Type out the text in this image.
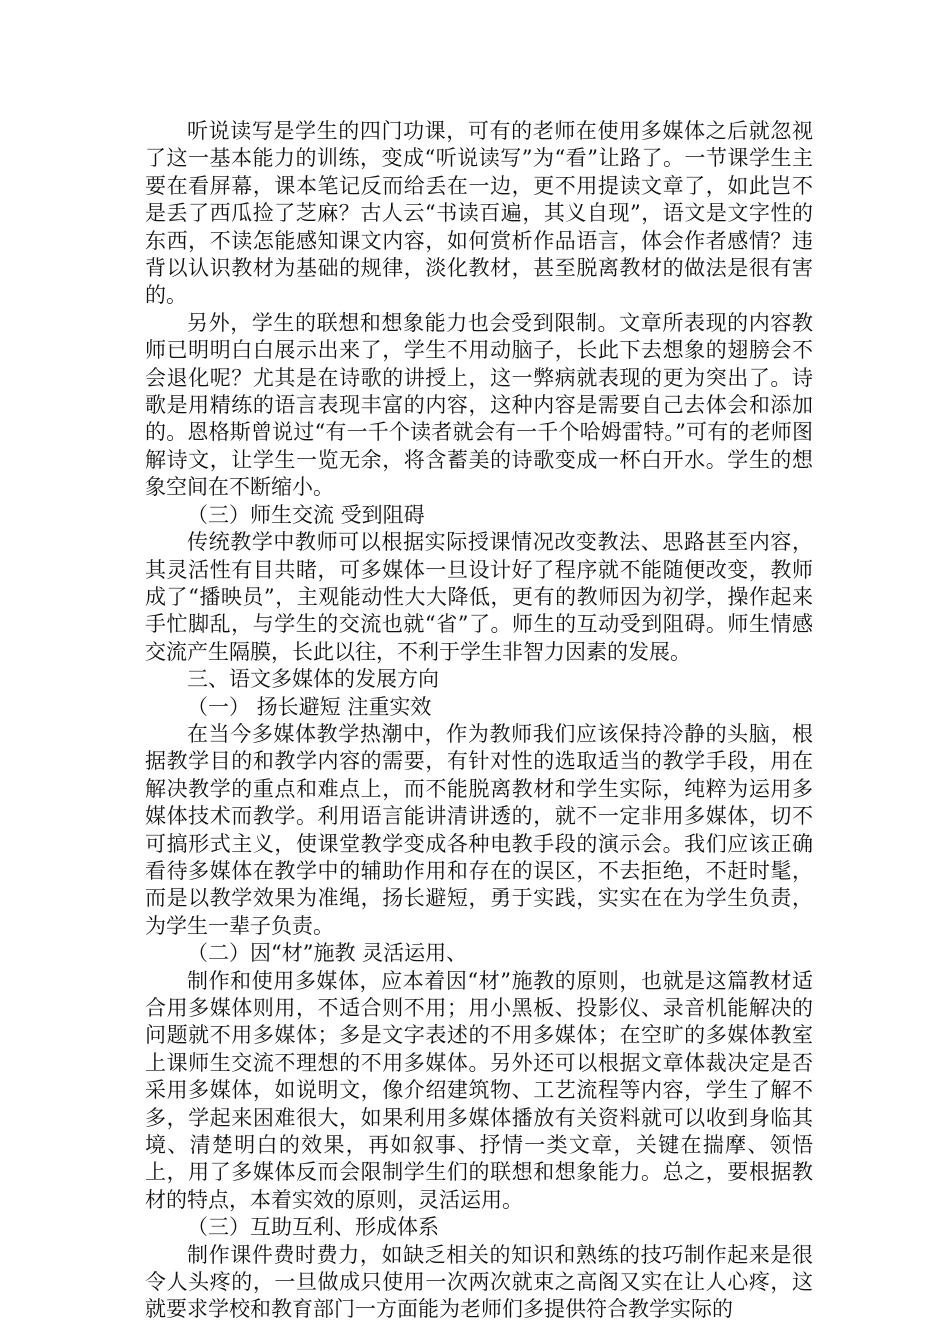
听说读写是学生的四门功课，可有的老师在使用多媒体之后就忽视了这一基本能力的训练，变成“听说读写”为“看”让路了。一节课学生主要在看屏幕，课本笔记反而给丢在一边，更不用提读文章了，如此岂不是丢了西瓜捡了芝麻？古人云“书读百遍，其义自现”，语文是文字性的东西，不读怎能感知课文内容，如何赏析作品语言，体会作者感情？违背以认识教材为基础的规律，淡化教材，甚至脱离教材的做法是很有害的。

另外，学生的联想和想象能力也会受到限制。文章所表现的内容教师已明明白白展示出来了，学生不用动脑子，长此下去想象的翅膀会不会退化呢？尤其是在诗歌的讲授上，这一弊病就表现的更为突出了。诗歌是用精练的语言表现丰富的内容，这种内容是需要自己去体会和添加的。恩格斯曾说过“有一千个读者就会有一千个哈姆雷特。”可有的老师图解诗文，让学生一览无余，将含蓄美的诗歌变成一杯白开水。学生的想象空间在不断缩小。

（三）师生交流 受到阻碍

传统教学中教师可以根据实际授课情况改变教法、思路甚至内容，其灵活性有目共睹，可多媒体一旦设计好了程序就不能随便改变，教师成了“播映员”，主观能动性大大降低，更有的教师因为初学，操作起来手忙脚乱，与学生的交流也就“省”了。师生的互动受到阻碍。师生情感交流产生隔膜，长此以往，不利于学生非智力因素的发展。

三、语文多媒体的发展方向

（一） 扬长避短 注重实效

在当今多媒体教学热潮中，作为教师我们应该保持冷静的头脑，根据教学目的和教学内容的需要，有针对性的选取适当的教学手段，用在解决教学的重点和难点上，而不能脱离教材和学生实际，纯粹为运用多媒体技术而教学。利用语言能讲清讲透的，就不一定非用多媒体，切不可搞形式主义，使课堂教学变成各种电教手段的演示会。我们应该正确看待多媒体在教学中的辅助作用和存在的误区，不去拒绝，不赶时髦，而是以教学效果为准绳，扬长避短，勇于实践，实实在在为学生负责，为学生一辈子负责。

（二）因“材”施教 灵活运用、

制作和使用多媒体，应本着因“材”施教的原则，也就是这篇教材适合用多媒体则用，不适合则不用；用小黑板、投影仪、录音机能解决的问题就不用多媒体；多是文字表述的不用多媒体；在空旷的多媒体教室上课师生交流不理想的不用多媒体。另外还可以根据文章体裁决定是否采用多媒体，如说明文，像介绍建筑物、工艺流程等内容，学生了解不多，学起来困难很大，如果利用多媒体播放有关资料就可以收到身临其境、清楚明白的效果，再如叙事、抒情一类文章，关键在揣摩、领悟上，用了多媒体反而会限制学生们的联想和想象能力。总之，要根据教材的特点，本着实效的原则，灵活运用。

（三）互助互利、形成体系

制作课件费时费力，如缺乏相关的知识和熟练的技巧制作起来是很令人头疼的，一旦做成只使用一次两次就束之高阁又实在让人心疼，这就要求学校和教育部门一方面能为老师们多提供符合教学实际的
